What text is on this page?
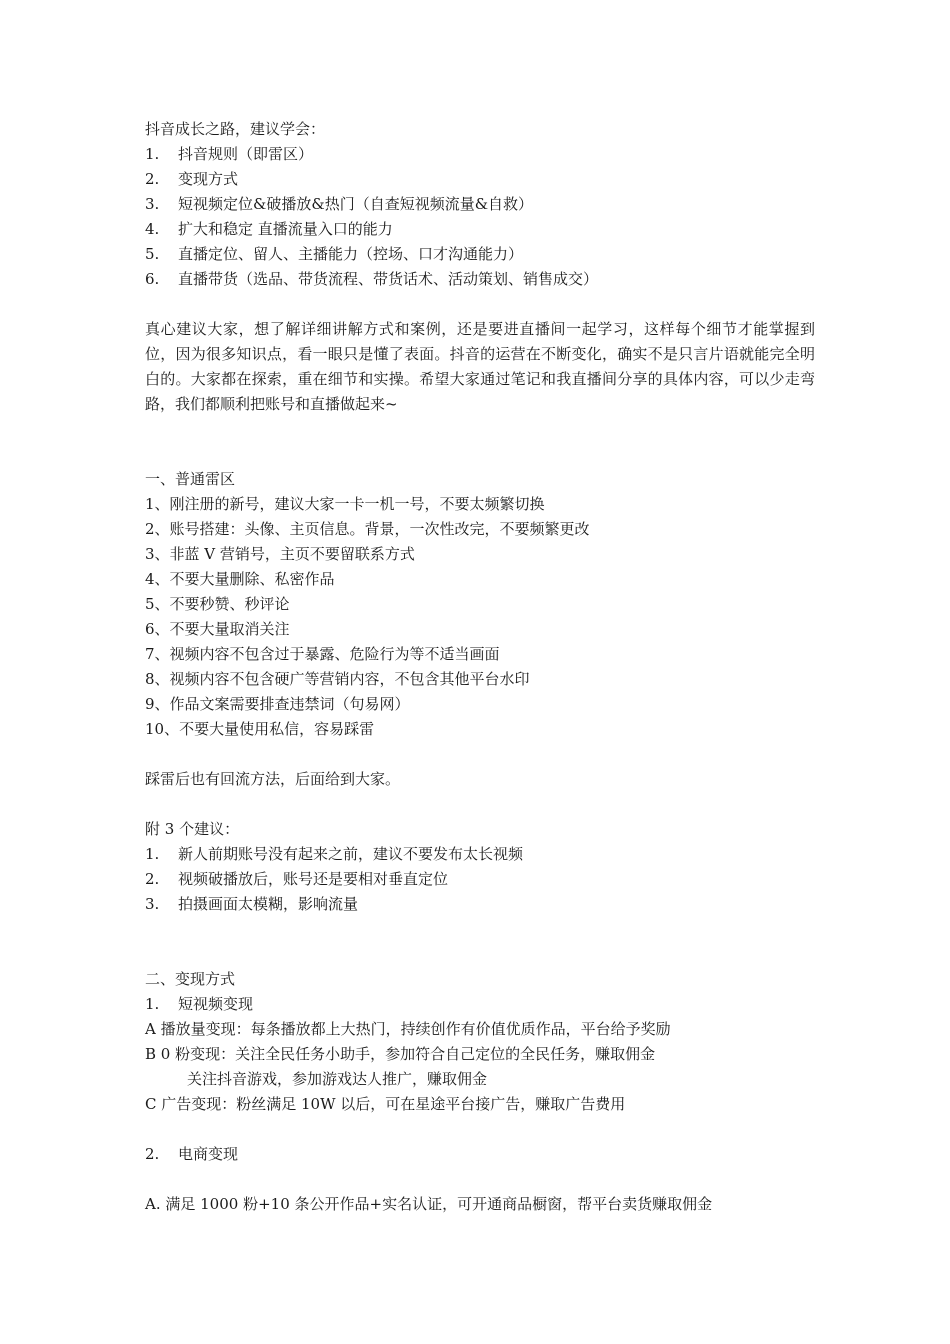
抖音成长之路，建议学会：

1. 抖音规则（即雷区）

2. 变现方式

3. 短视频定位&破播放&热门（自查短视频流量&自救）

4. 扩大和稳定 直播流量入口的能力

5. 直播定位、留人、主播能力（控场、口才沟通能力）

6. 直播带货（选品、带货流程、带货话术、活动策划、销售成交）

真心建议大家，想了解详细讲解方式和案例，还是要进直播间一起学习，这样每个细节才能掌握到位，因为很多知识点，看一眼只是懂了表面。抖音的运营在不断变化，确实不是只言片语就能完全明白的。大家都在探索，重在细节和实操。希望大家通过笔记和我直播间分享的具体内容，可以少走弯路，我们都顺利把账号和直播做起来~

一、普通雷区

1、刚注册的新号，建议大家一卡一机一号，不要太频繁切换

2、账号搭建：头像、主页信息。背景，一次性改完，不要频繁更改

3、非蓝 V 营销号，主页不要留联系方式

4、不要大量删除、私密作品

5、不要秒赞、秒评论

6、不要大量取消关注

7、视频内容不包含过于暴露、危险行为等不适当画面

8、视频内容不包含硬广等营销内容，不包含其他平台水印

9、作品文案需要排查违禁词（句易网）

10、不要大量使用私信，容易踩雷

踩雷后也有回流方法，后面给到大家。

附 3 个建议：

1. 新人前期账号没有起来之前，建议不要发布太长视频

2. 视频破播放后，账号还是要相对垂直定位

3. 拍摄画面太模糊，影响流量

二、变现方式

1. 短视频变现

A 播放量变现：每条播放都上大热门，持续创作有价值优质作品，平台给予奖励

B 0 粉变现：关注全民任务小助手，参加符合自己定位的全民任务，赚取佣金

关注抖音游戏，参加游戏达人推广，赚取佣金

C 广告变现：粉丝满足 10W 以后，可在星途平台接广告，赚取广告费用

2. 电商变现

A. 满足 1000 粉+10 条公开作品+实名认证，可开通商品橱窗，帮平台卖货赚取佣金
